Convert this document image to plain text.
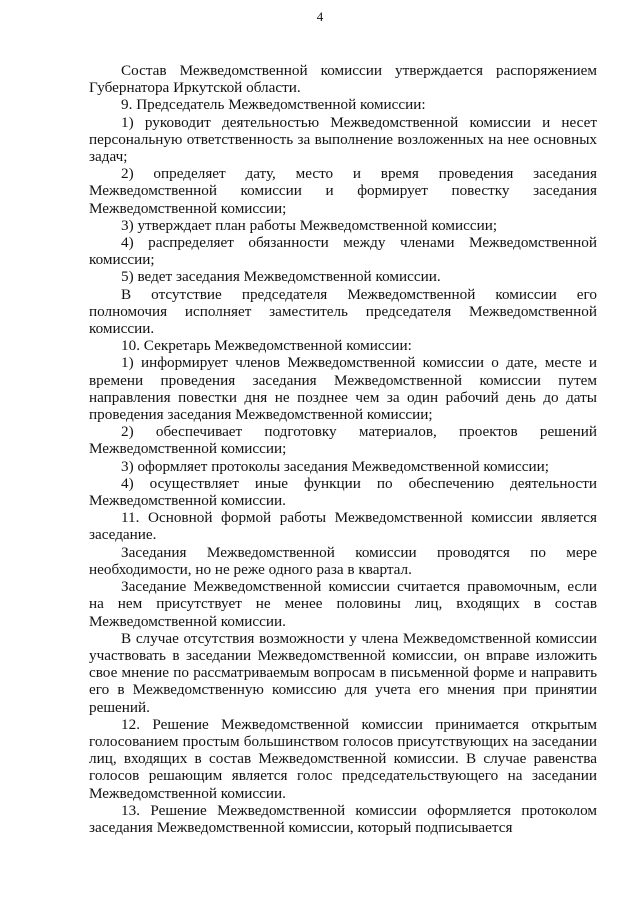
4

Состав Межведомственной комиссии утверждается распоряжением Губернатора Иркутской области.

9. Председатель Межведомственной комиссии:

1) руководит деятельностью Межведомственной комиссии и несет персональную ответственность за выполнение возложенных на нее основных задач;

2) определяет дату, место и время проведения заседания Межведомственной комиссии и формирует повестку заседания Межведомственной комиссии;

3) утверждает план работы Межведомственной комиссии;

4) распределяет обязанности между членами Межведомственной комиссии;

5) ведет заседания Межведомственной комиссии.

В отсутствие председателя Межведомственной комиссии его полномочия исполняет заместитель председателя Межведомственной комиссии.

10. Секретарь Межведомственной комиссии:

1) информирует членов Межведомственной комиссии о дате, месте и времени проведения заседания Межведомственной комиссии путем направления повестки дня не позднее чем за один рабочий день до даты проведения заседания Межведомственной комиссии;

2) обеспечивает подготовку материалов, проектов решений Межведомственной комиссии;

3) оформляет протоколы заседания Межведомственной комиссии;

4) осуществляет иные функции по обеспечению деятельности Межведомственной комиссии.

11. Основной формой работы Межведомственной комиссии является заседание.

Заседания Межведомственной комиссии проводятся по мере необходимости, но не реже одного раза в квартал.

Заседание Межведомственной комиссии считается правомочным, если на нем присутствует не менее половины лиц, входящих в состав Межведомственной комиссии.

В случае отсутствия возможности у члена Межведомственной комиссии участвовать в заседании Межведомственной комиссии, он вправе изложить свое мнение по рассматриваемым вопросам в письменной форме и направить его в Межведомственную комиссию для учета его мнения при принятии решений.

12. Решение Межведомственной комиссии принимается открытым голосованием простым большинством голосов присутствующих на заседании лиц, входящих в состав Межведомственной комиссии. В случае равенства голосов решающим является голос председательствующего на заседании Межведомственной комиссии.

13. Решение Межведомственной комиссии оформляется протоколом заседания Межведомственной комиссии, который подписывается
